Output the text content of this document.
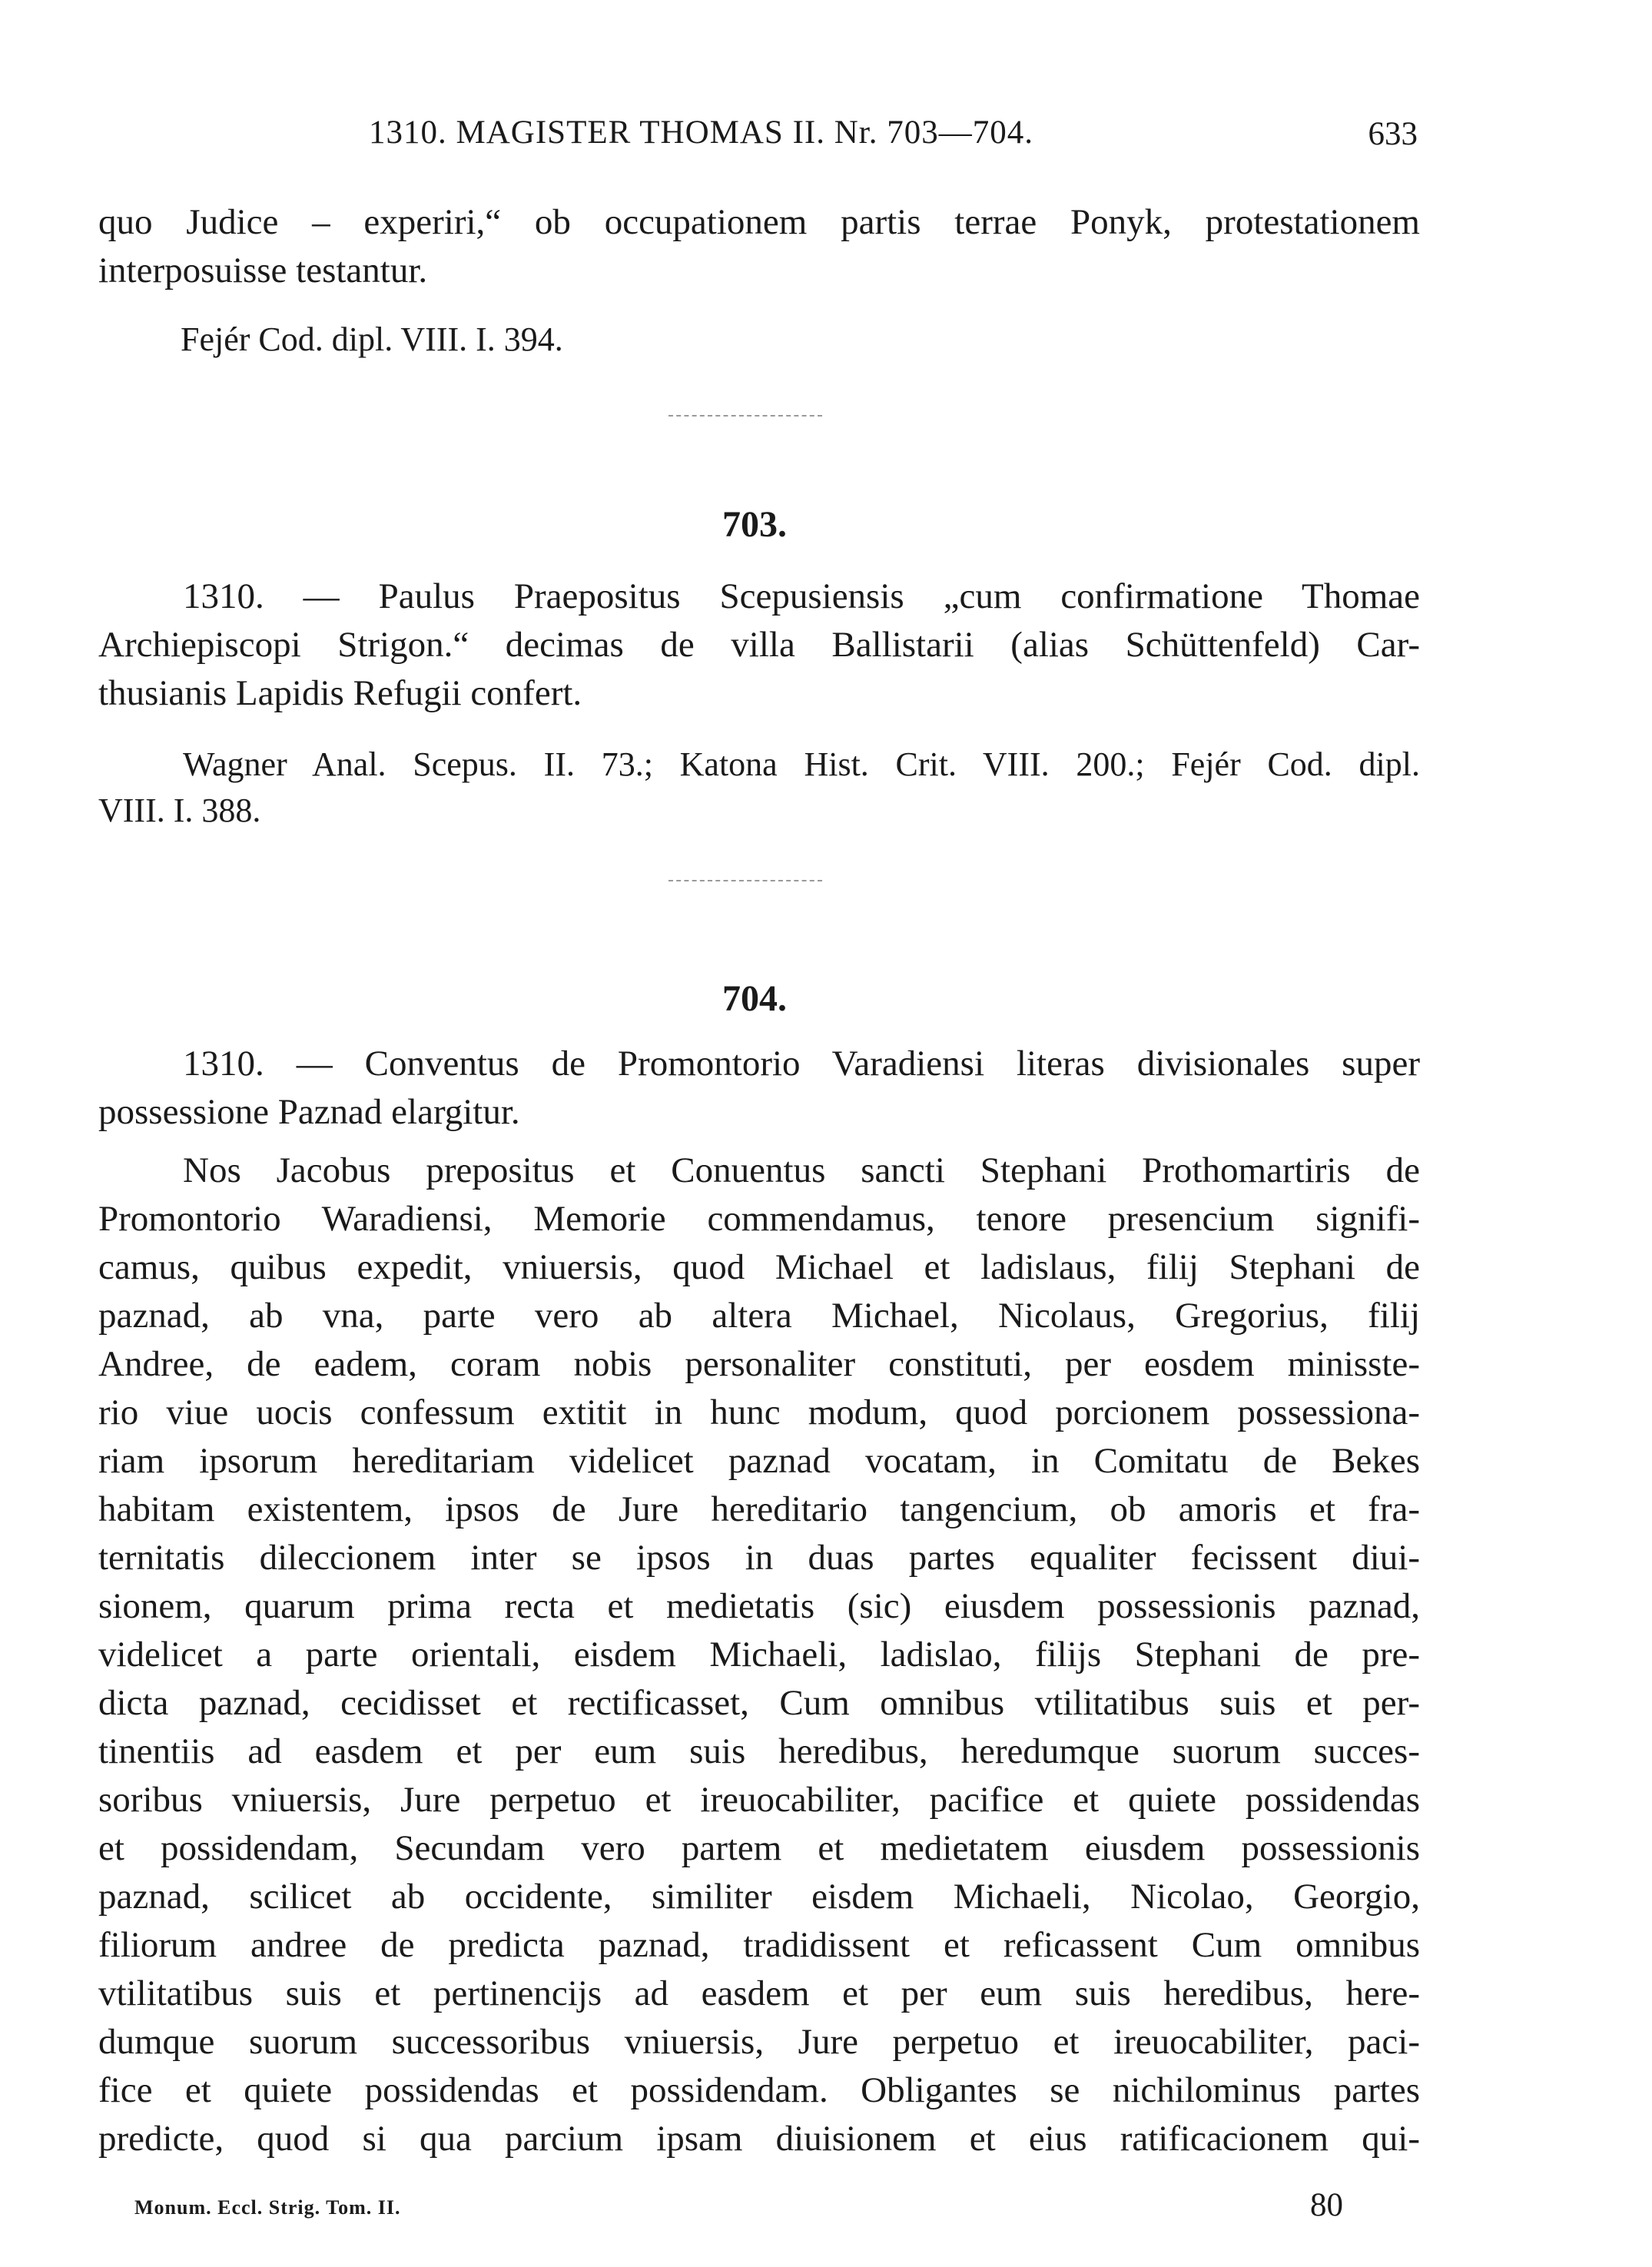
1310. MAGISTER THOMAS II. Nr. 703—704.	633
quo Judice – experiri,“ ob occupationem partis terrae Ponyk, protestationem
interposuisse testantur.
Fejér Cod. dipl. VIII. I. 394.
703.
1310. — Paulus Praepositus Scepusiensis „cum confirmatione Thomae
Archiepiscopi Strigon.“ decimas de villa Ballistarii (alias Schüttenfeld) Car-
thusianis Lapidis Refugii confert.
Wagner Anal. Scepus. II. 73.; Katona Hist. Crit. VIII. 200.; Fejér Cod. dipl.
VIII. I. 388.
704.
1310. — Conventus de Promontorio Varadiensi literas divisionales super
possessione Paznad elargitur.
Nos Jacobus prepositus et Conuentus sancti Stephani Prothomartiris de
Promontorio Waradiensi, Memorie commendamus, tenore presencium signifi-
camus, quibus expedit, vniuersis, quod Michael et ladislaus, filij Stephani de
paznad, ab vna, parte vero ab altera Michael, Nicolaus, Gregorius, filij
Andree, de eadem, coram nobis personaliter constituti, per eosdem minisste-
rio viue uocis confessum extitit in hunc modum, quod porcionem possessiona-
riam ipsorum hereditariam videlicet paznad vocatam, in Comitatu de Bekes
habitam existentem, ipsos de Jure hereditario tangencium, ob amoris et fra-
ternitatis dileccionem inter se ipsos in duas partes equaliter fecissent diui-
sionem, quarum prima recta et medietatis (sic) eiusdem possessionis paznad,
videlicet a parte orientali, eisdem Michaeli, ladislao, filijs Stephani de pre-
dicta paznad, cecidisset et rectificasset, Cum omnibus vtilitatibus suis et per-
tinentiis ad easdem et per eum suis heredibus, heredumque suorum succes-
soribus vniuersis, Jure perpetuo et ireuocabiliter, pacifice et quiete possidendas
et possidendam, Secundam vero partem et medietatem eiusdem possessionis
paznad, scilicet ab occidente, similiter eisdem Michaeli, Nicolao, Georgio,
filiorum andree de predicta paznad, tradidissent et reficassent Cum omnibus
vtilitatibus suis et pertinencijs ad easdem et per eum suis heredibus, here-
dumque suorum successoribus vniuersis, Jure perpetuo et ireuocabiliter, paci-
fice et quiete possidendas et possidendam. Obligantes se nichilominus partes
predicte, quod si qua parcium ipsam diuisionem et eius ratificacionem qui-
Monum. Eccl. Strig. Tom. II.	80
